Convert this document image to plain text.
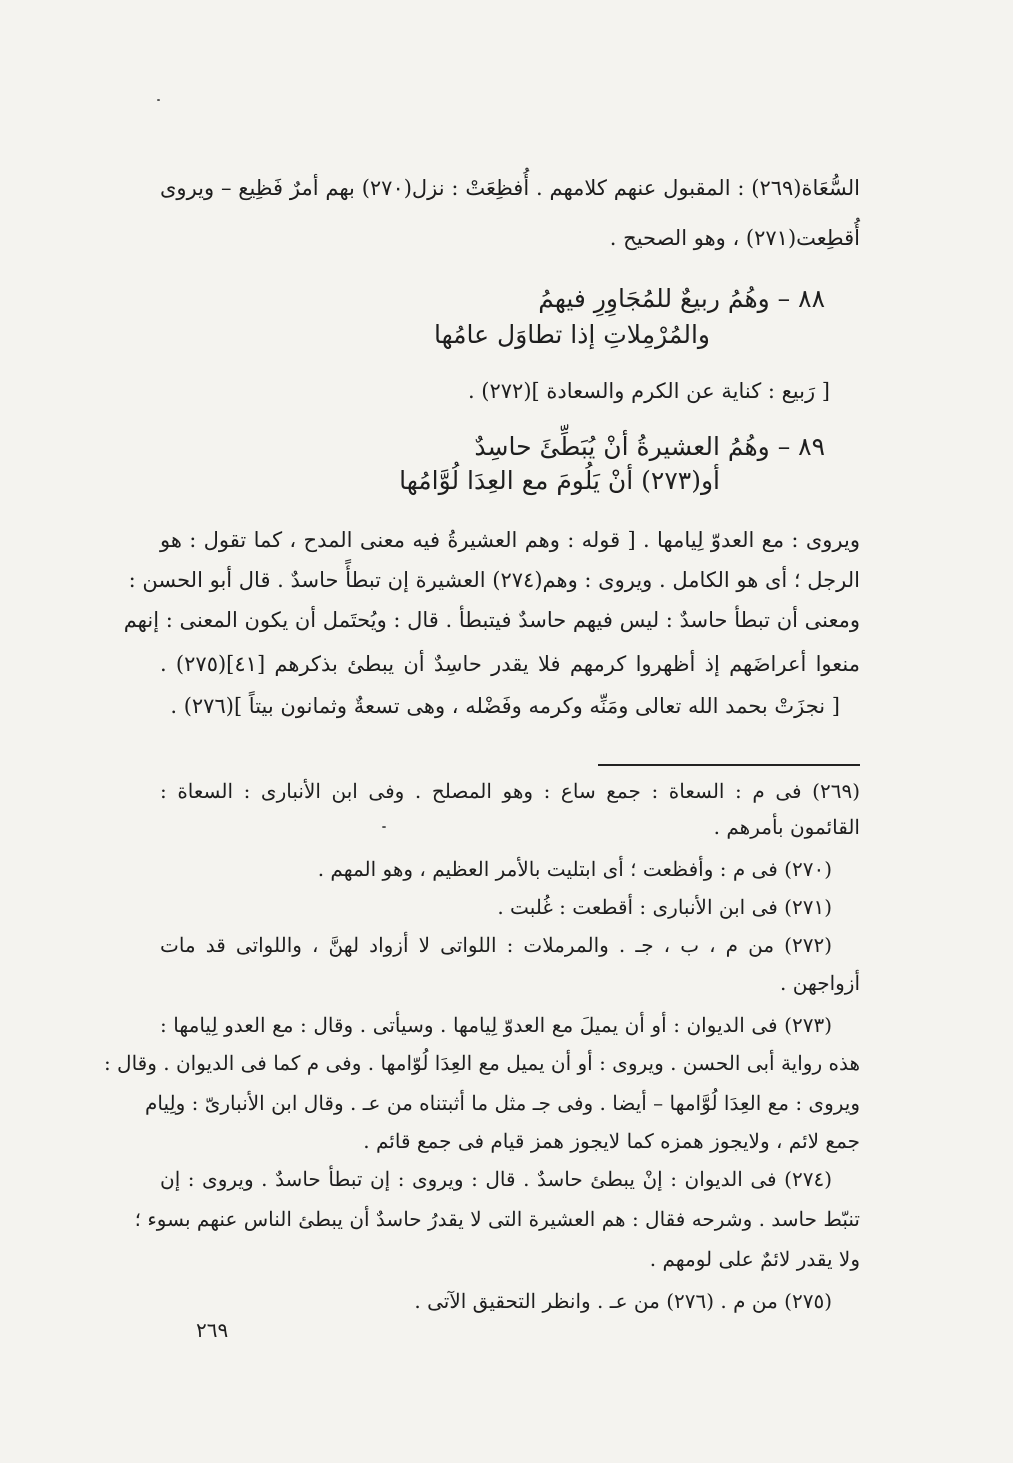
السُّعَاة(٢٦٩) : المقبول عنهم كلامهم . أُفظِعَتْ : نزل(٢٧٠) بهم أمرٌ فَظِيع – ويروى
أُقطِعت(٢٧١) ، وهو الصحيح .
٨٨ – وهُمُ ربيعٌ للمُجَاوِرِ فيهمُ
والمُرْمِلاتِ إذا تطاوَل عامُها
[ رَبيع : كناية عن الكرم والسعادة ](٢٧٢) .
٨٩ – وهُمُ العشيرةُ أنْ يُبَطِّئَ حاسِدٌ
أو(٢٧٣) أنْ يَلُومَ مع العِدَا لُوَّامُها
ويروى : مع العدوّ لِيامها . [ قوله : وهم العشيرةُ فيه معنى المدح ، كما تقول : هو
الرجل ؛ أى هو الكامل . ويروى : وهم(٢٧٤) العشيرة إن تبطأً حاسدٌ . قال أبو الحسن :
ومعنى أن تبطأ حاسدٌ : ليس فيهم حاسدٌ فيتبطأ . قال : ويُحتَمل أن يكون المعنى : إنهم
منعوا أعراضَهم إذ أظهروا كرمهم فلا يقدر حاسِدٌ أن يبطئ بذكرهم [٤١](٢٧٥) .
[ نجزَتْ بحمد الله تعالى ومَنِّه وكرمه وفَضْله ، وهى تسعةٌ وثمانون بيتاً ](٢٧٦) .
(٢٦٩) فى م : السعاة : جمع ساع : وهو المصلح . وفى ابن الأنبارى : السعاة :
القائمون بأمرهم .
(٢٧٠) فى م : وأفظعت ؛ أى ابتليت بالأمر العظيم ، وهو المهم .
(٢٧١) فى ابن الأنبارى : أقطعت : غُلبت .
(٢٧٢) من م ، ب ، جـ . والمرملات : اللواتى لا أزواد لهنَّ ، واللواتى قد مات
أزواجهن .
(٢٧٣) فى الديوان : أو أن يميلَ مع العدوّ لِيامها . وسيأتى . وقال : مع العدو لِيامها :
هذه رواية أبى الحسن . ويروى : أو أن يميل مع العِدَا لُوّامها . وفى م كما فى الديوان . وقال :
ويروى : مع العِدَا لُوَّامها – أيضا . وفى جـ مثل ما أثبتناه من عـ . وقال ابن الأنبارىّ : ولِيام
جمع لائم ، ولايجوز همزه كما لايجوز همز قيام فى جمع قائم .
(٢٧٤) فى الديوان : إنْ يبطئ حاسدٌ . قال : ويروى : إن تبطأ حاسدٌ . ويروى : إن
تنبّط حاسد . وشرحه فقال : هم العشيرة التى لا يقدرُ حاسدٌ أن يبطئ الناس عنهم بسوء ؛
ولا يقدر لائمٌ على لومهم .
(٢٧٥) من م . (٢٧٦) من عـ . وانظر التحقيق الآتى .
٢٦٩
